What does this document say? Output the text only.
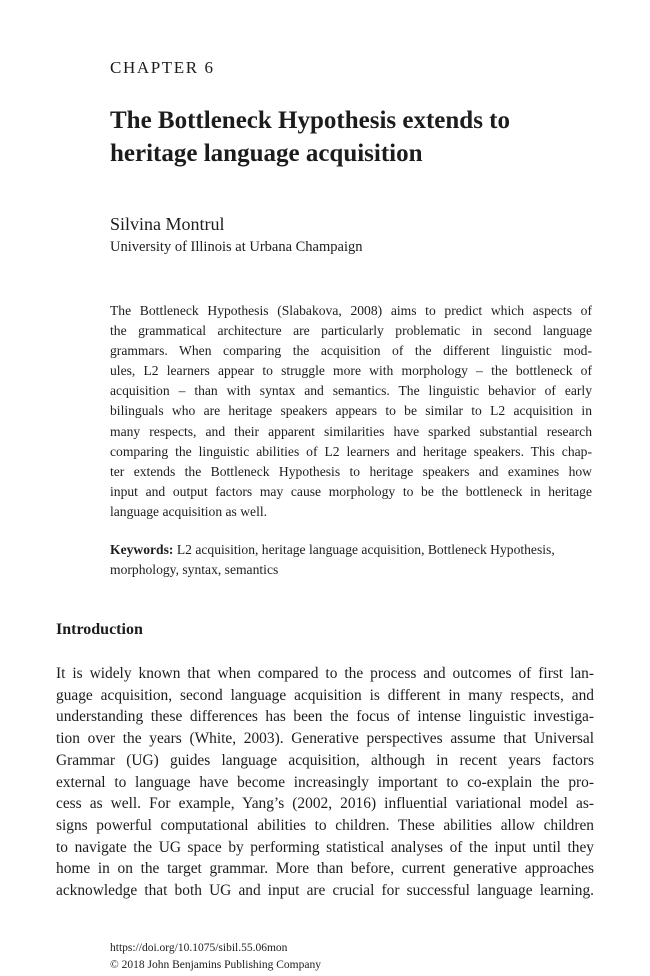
CHAPTER 6
The Bottleneck Hypothesis extends to
heritage language acquisition
Silvina Montrul
University of Illinois at Urbana Champaign
The Bottleneck Hypothesis (Slabakova, 2008) aims to predict which aspects of
the grammatical architecture are particularly problematic in second language
grammars. When comparing the acquisition of the different linguistic mod-
ules, L2 learners appear to struggle more with morphology – the bottleneck of
acquisition – than with syntax and semantics. The linguistic behavior of early
bilinguals who are heritage speakers appears to be similar to L2 acquisition in
many respects, and their apparent similarities have sparked substantial research
comparing the linguistic abilities of L2 learners and heritage speakers. This chap-
ter extends the Bottleneck Hypothesis to heritage speakers and examines how
input and output factors may cause morphology to be the bottleneck in heritage
language acquisition as well.
Keywords: L2 acquisition, heritage language acquisition, Bottleneck Hypothesis,
morphology, syntax, semantics
Introduction
It is widely known that when compared to the process and outcomes of first lan-
guage acquisition, second language acquisition is different in many respects, and
understanding these differences has been the focus of intense linguistic investiga-
tion over the years (White, 2003). Generative perspectives assume that Universal
Grammar (UG) guides language acquisition, although in recent years factors
external to language have become increasingly important to co-explain the pro-
cess as well. For example, Yang’s (2002, 2016) influential variational model as-
signs powerful computational abilities to children. These abilities allow children
to navigate the UG space by performing statistical analyses of the input until they
home in on the target grammar. More than before, current generative approaches
acknowledge that both UG and input are crucial for successful language learning.
https://doi.org/10.1075/sibil.55.06mon
© 2018 John Benjamins Publishing Company
